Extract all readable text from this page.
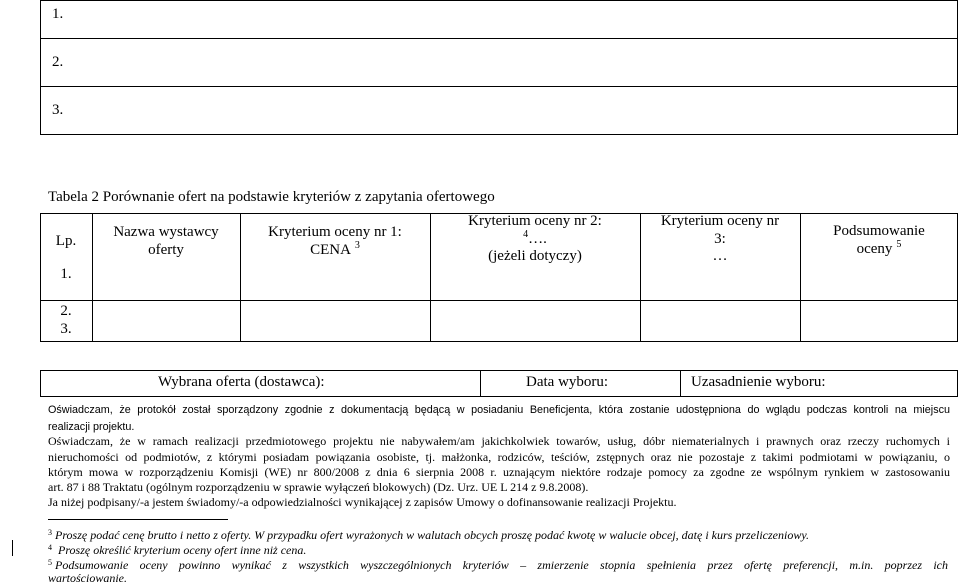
1.
2.
3.
Tabela 2 Porównanie ofert na podstawie kryteriów z zapytania ofertowego
Lp.
1.
2.
3.
Nazwa wystawcy
oferty
Kryterium oceny nr 1:
CENA $^3$
Kryterium oceny nr 2:
$^4$….
(jeżeli dotyczy)
Kryterium oceny nr
3:
…
Podsumowanie
oceny $^5$
Wybrana oferta (dostawca):	Data wyboru:	Uzasadnienie wyboru:
Oświadczam, że protokół został sporządzony zgodnie z dokumentacją będącą w posiadaniu Beneficjenta, która zostanie udostępniona do wglądu podczas kontroli na miejscu
realizacji projektu.
Oświadczam, że w ramach realizacji przedmiotowego projektu nie nabywałem/am jakichkolwiek towarów, usług, dóbr niematerialnych i prawnych oraz rzeczy ruchomych i
nieruchomości od podmiotów, z którymi posiadam powiązania osobiste, tj. małżonka, rodziców, teściów, zstępnych oraz nie pozostaje z takimi podmiotami w powiązaniu, o
którym mowa w rozporządzeniu Komisji (WE) nr 800/2008 z dnia 6 sierpnia 2008 r. uznającym niektóre rodzaje pomocy za zgodne ze wspólnym rynkiem w zastosowaniu
art. 87 i 88 Traktatu (ogólnym rozporządzeniu w sprawie wyłączeń blokowych) (Dz. Urz. UE L 214 z 9.8.2008).
Ja niżej podpisany/-a jestem świadomy/-a odpowiedzialności wynikającej z zapisów Umowy o dofinansowanie realizacji Projektu.
$^3$ Proszę podać cenę brutto i netto z oferty. W przypadku ofert wyrażonych w walutach obcych proszę podać kwotę w walucie obcej, datę i kurs przeliczeniowy.
$^4$ Proszę określić kryterium oceny ofert inne niż cena.
$^5$ Podsumowanie oceny powinno wynikać z wszystkich wyszczególnionych kryteriów – zmierzenie stopnia spełnienia przez ofertę preferencji, m.in. poprzez ich
wartościowanie.
